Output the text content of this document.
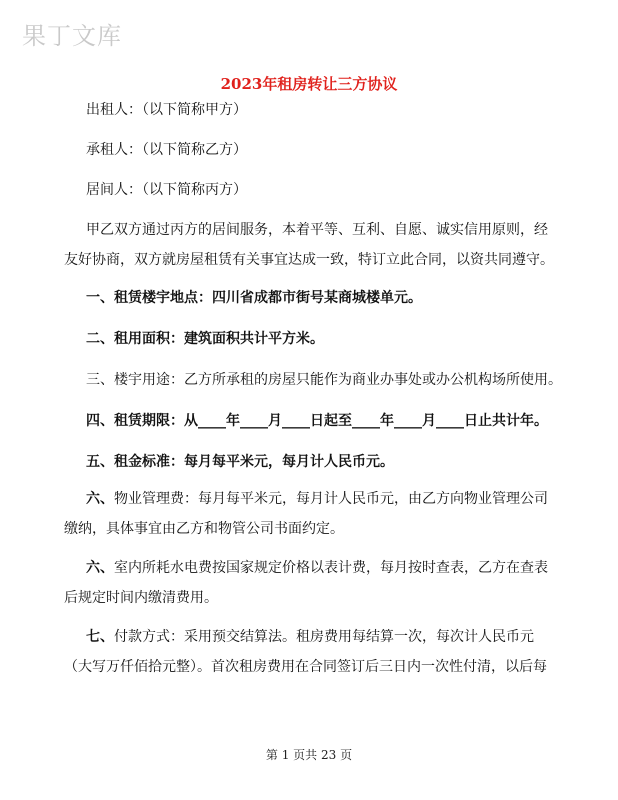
果丁文库
2023年租房转让三方协议

出租人：（以下简称甲方）

承租人：（以下简称乙方）

居间人：（以下简称丙方）

甲乙双方通过丙方的居间服务，本着平等、互利、自愿、诚实信用原则，经
友好协商，双方就房屋租赁有关事宜达成一致，特订立此合同，以资共同遵守。

一、租赁楼宇地点：四川省成都市街号某商城楼单元。

二、租用面积：建筑面积共计平方米。

三、楼宇用途：乙方所承租的房屋只能作为商业办事处或办公机构场所使用。

四、租赁期限：从____年____月____日起至____年____月____日止共计年。

五、租金标准：每月每平米元，每月计人民币元。

六、物业管理费：每月每平米元，每月计人民币元，由乙方向物业管理公司
缴纳，具体事宜由乙方和物管公司书面约定。

六、室内所耗水电费按国家规定价格以表计费，每月按时查表，乙方在查表
后规定时间内缴清费用。

七、付款方式：采用预交结算法。租房费用每结算一次，每次计人民币元
（大写万仟佰拾元整）。首次租房费用在合同签订后三日内一次性付清，以后每

第 1 页共 23 页
